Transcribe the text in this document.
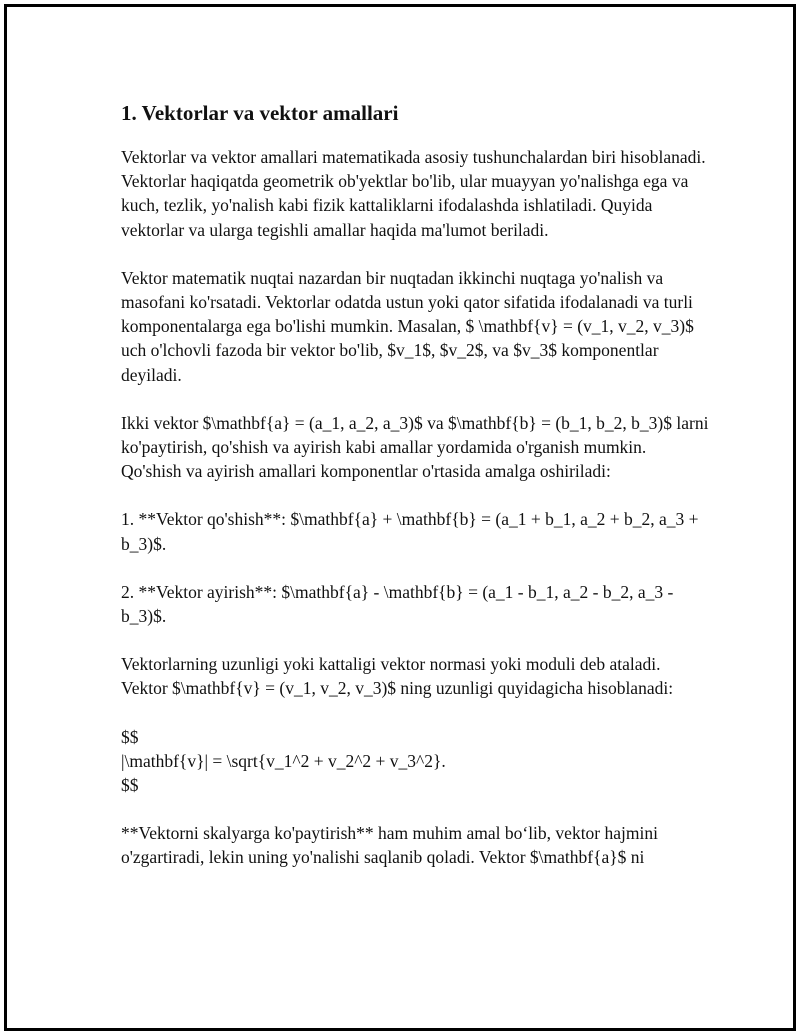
1. Vektorlar va vektor amallari

Vektorlar va vektor amallari matematikada asosiy tushunchalardan biri hisoblanadi. Vektorlar haqiqatda geometrik ob'yektlar bo'lib, ular muayyan yo'nalishga ega va kuch, tezlik, yo'nalish kabi fizik kattaliklarni ifodalashda ishlatiladi. Quyida vektorlar va ularga tegishli amallar haqida ma'lumot beriladi.

Vektor matematik nuqtai nazardan bir nuqtadan ikkinchi nuqtaga yo'nalish va masofani ko'rsatadi. Vektorlar odatda ustun yoki qator sifatida ifodalanadi va turli komponentalarga ega bo'lishi mumkin. Masalan, $ \mathbf{v} = (v_1, v_2, v_3)$ uch o'lchovli fazoda bir vektor bo'lib, $v_1$, $v_2$, va $v_3$ komponentlar deyiladi.

Ikki vektor $\mathbf{a} = (a_1, a_2, a_3)$ va $\mathbf{b} = (b_1, b_2, b_3)$ larni ko'paytirish, qo'shish va ayirish kabi amallar yordamida o'rganish mumkin. Qo'shish va ayirish amallari komponentlar o'rtasida amalga oshiriladi:

1. **Vektor qo'shish**: $\mathbf{a} + \mathbf{b} = (a_1 + b_1, a_2 + b_2, a_3 + b_3)$.

2. **Vektor ayirish**: $\mathbf{a} - \mathbf{b} = (a_1 - b_1, a_2 - b_2, a_3 - b_3)$.

Vektorlarning uzunligi yoki kattaligi vektor normasi yoki moduli deb ataladi. Vektor $\mathbf{v} = (v_1, v_2, v_3)$ ning uzunligi quyidagicha hisoblanadi:

$$
|\mathbf{v}| = \sqrt{v_1^2 + v_2^2 + v_3^2}.
$$

**Vektorni skalyarga ko'paytirish** ham muhim amal bo‘lib, vektor hajmini o'zgartiradi, lekin uning yo'nalishi saqlanib qoladi. Vektor $\mathbf{a}$ ni
